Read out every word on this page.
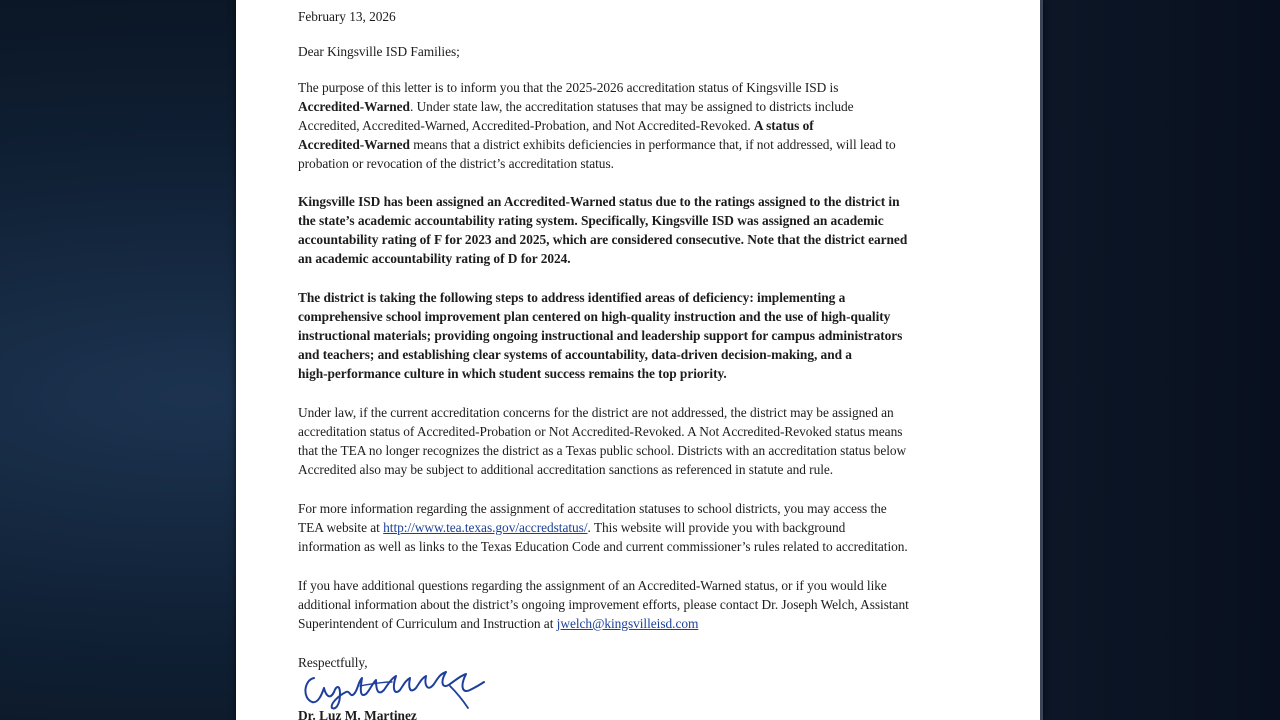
February 13, 2026
Dear Kingsville ISD Families;
The purpose of this letter is to inform you that the 2025-2026 accreditation status of Kingsville ISD is
Accredited-Warned. Under state law, the accreditation statuses that may be assigned to districts include
Accredited, Accredited-Warned, Accredited-Probation, and Not Accredited-Revoked. A status of
Accredited-Warned means that a district exhibits deficiencies in performance that, if not addressed, will lead to
probation or revocation of the district’s accreditation status.
Kingsville ISD has been assigned an Accredited-Warned status due to the ratings assigned to the district in
the state’s academic accountability rating system. Specifically, Kingsville ISD was assigned an academic
accountability rating of F for 2023 and 2025, which are considered consecutive. Note that the district earned
an academic accountability rating of D for 2024.
The district is taking the following steps to address identified areas of deficiency: implementing a
comprehensive school improvement plan centered on high-quality instruction and the use of high-quality
instructional materials; providing ongoing instructional and leadership support for campus administrators
and teachers; and establishing clear systems of accountability, data-driven decision-making, and a
high-performance culture in which student success remains the top priority.
Under law, if the current accreditation concerns for the district are not addressed, the district may be assigned an
accreditation status of Accredited-Probation or Not Accredited-Revoked. A Not Accredited-Revoked status means
that the TEA no longer recognizes the district as a Texas public school. Districts with an accreditation status below
Accredited also may be subject to additional accreditation sanctions as referenced in statute and rule.
For more information regarding the assignment of accreditation statuses to school districts, you may access the
TEA website at http://www.tea.texas.gov/accredstatus/. This website will provide you with background
information as well as links to the Texas Education Code and current commissioner’s rules related to accreditation.
If you have additional questions regarding the assignment of an Accredited-Warned status, or if you would like
additional information about the district’s ongoing improvement efforts, please contact Dr. Joseph Welch, Assistant
Superintendent of Curriculum and Instruction at jwelch@kingsvilleisd.com
Respectfully,
Dr. Luz M. Martinez
